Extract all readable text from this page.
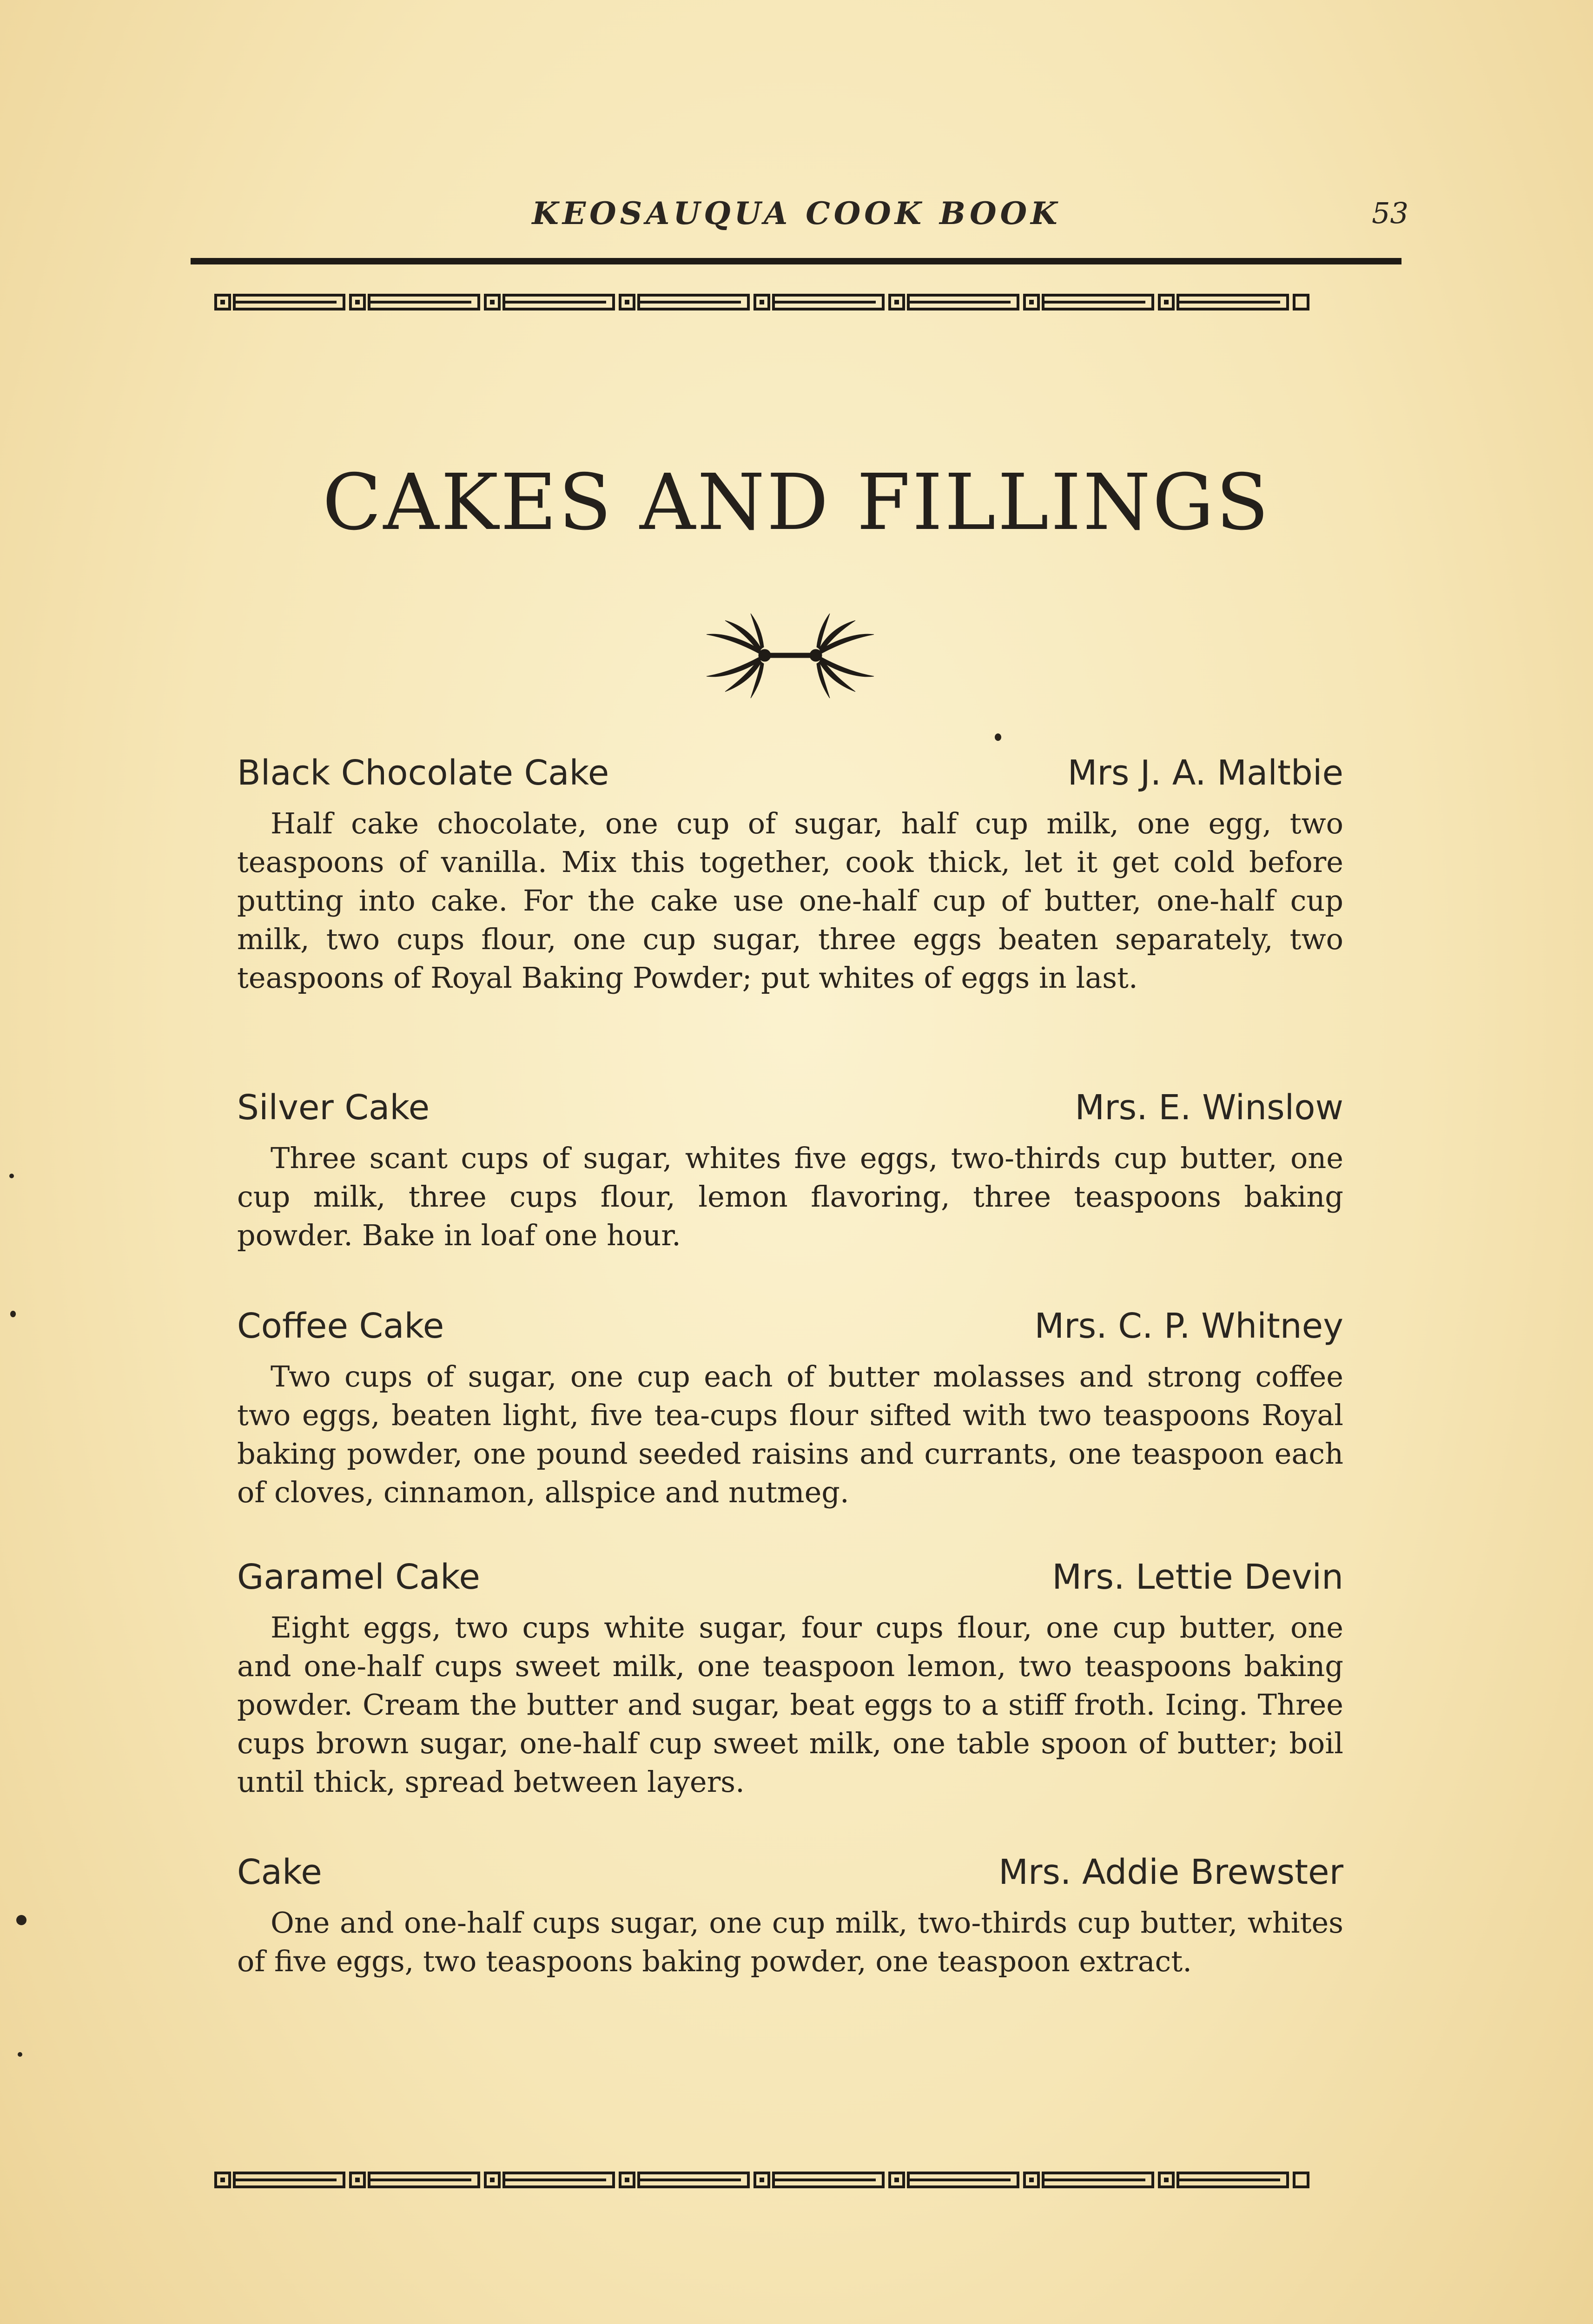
KEOSAUQUA COOK BOOK	53
CAKES AND FILLINGS
Black Chocolate Cake	Mrs J. A. Maltbie

Half cake chocolate, one cup of sugar, half cup milk, one egg, two teaspoons of vanilla. Mix this together, cook thick, let it get cold before putting into cake. For the cake use one-half cup of butter, one-half cup milk, two cups flour, one cup sugar, three eggs beaten separately, two teaspoons of Royal Baking Powder; put whites of eggs in last.

Silver Cake	Mrs. E. Winslow

Three scant cups of sugar, whites five eggs, two-thirds cup butter, one cup milk, three cups flour, lemon flavoring, three teaspoons baking powder. Bake in loaf one hour.

Coffee Cake	Mrs. C. P. Whitney

Two cups of sugar, one cup each of butter molasses and strong coffee two eggs, beaten light, five tea-cups flour sifted with two teaspoons Royal baking powder, one pound seeded raisins and currants, one teaspoon each of cloves, cinnamon, allspice and nutmeg.

Garamel Cake	Mrs. Lettie Devin

Eight eggs, two cups white sugar, four cups flour, one cup butter, one and one-half cups sweet milk, one teaspoon lemon, two teaspoons baking powder. Cream the butter and sugar, beat eggs to a stiff froth. Icing. Three cups brown sugar, one-half cup sweet milk, one table spoon of butter; boil until thick, spread between layers.

Cake	Mrs. Addie Brewster

One and one-half cups sugar, one cup milk, two-thirds cup butter, whites of five eggs, two teaspoons baking powder, one teaspoon extract.
